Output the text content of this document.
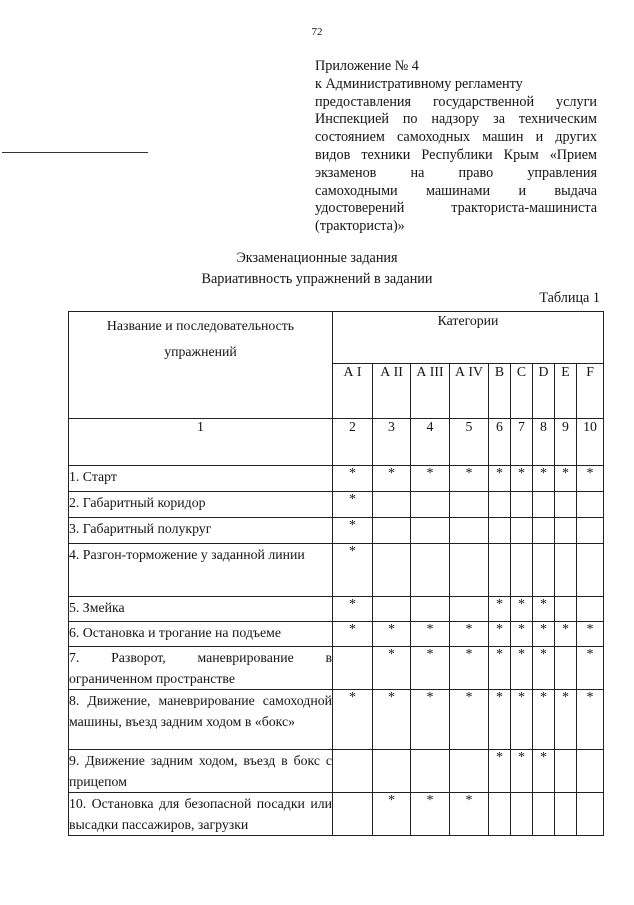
72
Приложение № 4
к Административному регламенту
предоставления государственной услуги
Инспекцией по надзору за техническим
состоянием самоходных машин и других
видов техники Республики Крым «Прием
экзаменов на право управления
самоходными машинами и выдача
удостоверений тракториста-машиниста
(тракториста)»
Экзаменационные задания
Вариативность упражнений в задании
Таблица 1
Название и последовательность упражнений	Категории								
	А I	А II	А III	А IV	В	С	D	Е	F
1	2	3	4	5	6	7	8	9	10
1. Старт	*	*	*	*	*	*	*	*	*
2. Габаритный коридор	*								
3. Габаритный полукруг	*								
4. Разгон-торможение у заданной линии	*								
5. Змейка	*				*	*	*		
6. Остановка и трогание на подъеме	*	*	*	*	*	*	*	*	*
7. Разворот, маневрирование в ограниченном пространстве		*	*	*	*	*	*		*
8. Движение, маневрирование самоходной машины, въезд задним ходом в «бокс»	*	*	*	*	*	*	*	*	*
9. Движение задним ходом, въезд в бокс с прицепом					*	*	*		
10. Остановка для безопасной посадки или высадки пассажиров, загрузки		*	*	*					
